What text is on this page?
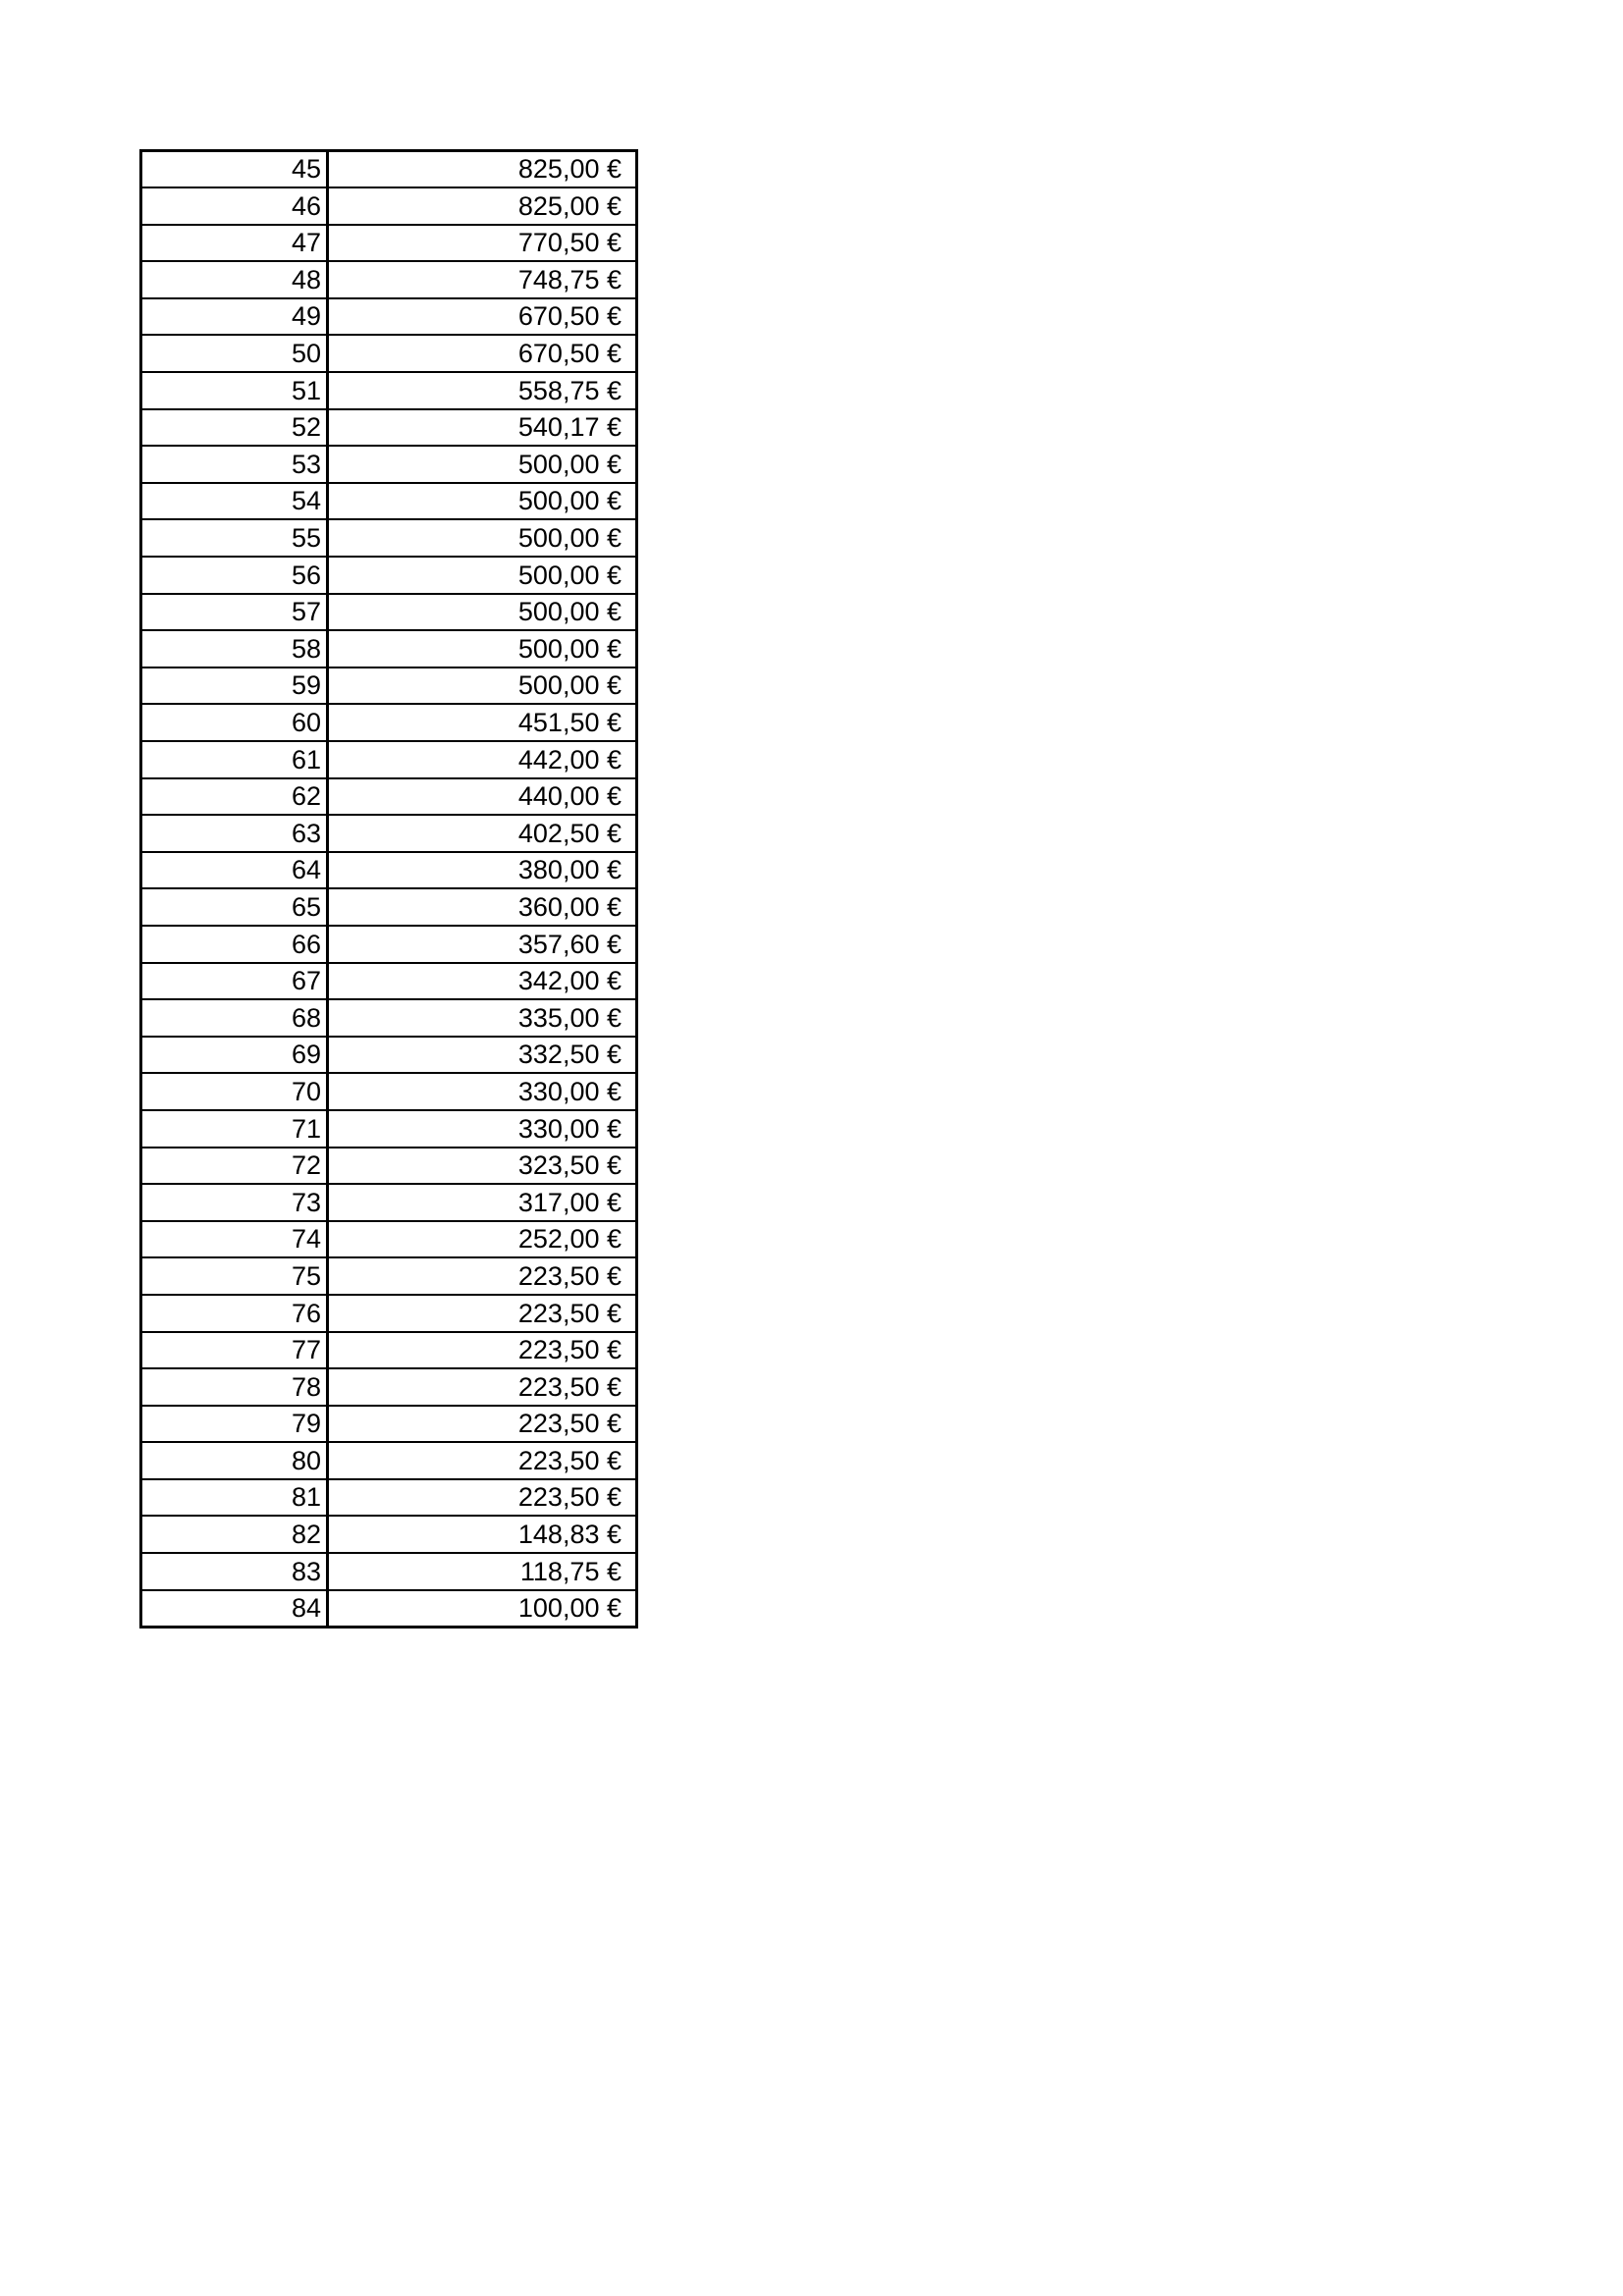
45	825,00 €
46	825,00 €
47	770,50 €
48	748,75 €
49	670,50 €
50	670,50 €
51	558,75 €
52	540,17 €
53	500,00 €
54	500,00 €
55	500,00 €
56	500,00 €
57	500,00 €
58	500,00 €
59	500,00 €
60	451,50 €
61	442,00 €
62	440,00 €
63	402,50 €
64	380,00 €
65	360,00 €
66	357,60 €
67	342,00 €
68	335,00 €
69	332,50 €
70	330,00 €
71	330,00 €
72	323,50 €
73	317,00 €
74	252,00 €
75	223,50 €
76	223,50 €
77	223,50 €
78	223,50 €
79	223,50 €
80	223,50 €
81	223,50 €
82	148,83 €
83	118,75 €
84	100,00 €
